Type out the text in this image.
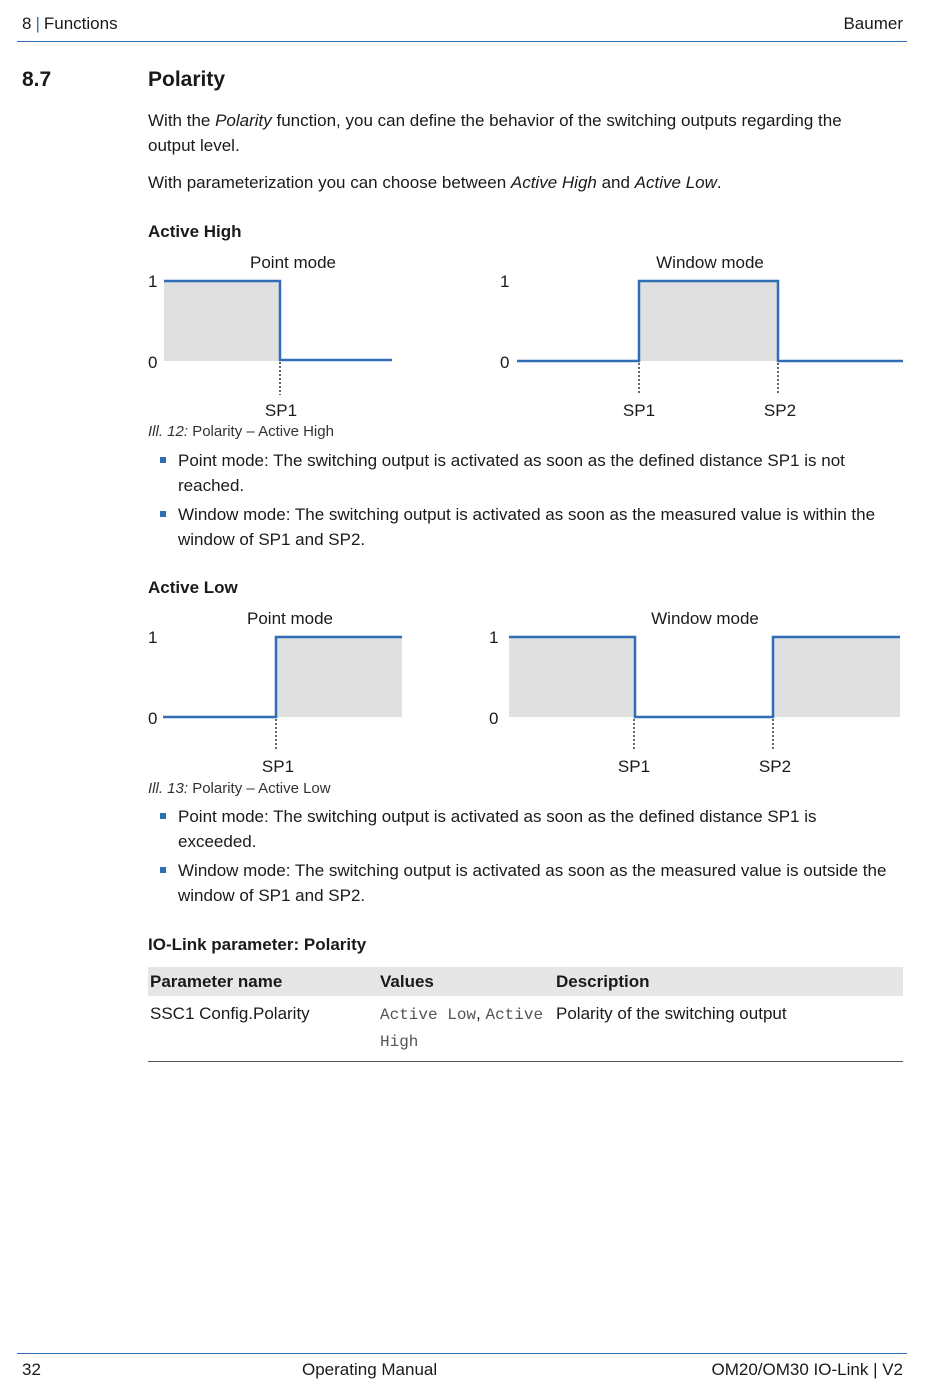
8 | Functions	Baumer
8.7	Polarity
With the Polarity function, you can define the behavior of the switching outputs regarding the output level.
With parameterization you can choose between Active High and Active Low.
Active High
Point mode
1
0
SP1
Window mode
1
0
SP1	SP2
Ill. 12: Polarity – Active High
Point mode: The switching output is activated as soon as the defined distance SP1 is not reached.
Window mode: The switching output is activated as soon as the measured value is within the window of SP1 and SP2.
Active Low
Point mode
1
0
SP1
Window mode
1
0
SP1	SP2
Ill. 13: Polarity – Active Low
Point mode: The switching output is activated as soon as the defined distance SP1 is exceeded.
Window mode: The switching output is activated as soon as the measured value is outside the window of SP1 and SP2.
IO-Link parameter: Polarity
Parameter name	Values	Description
SSC1 Config.Polarity	Active Low, Active High	Polarity of the switching output
32	Operating Manual	OM20/OM30 IO-Link | V2
